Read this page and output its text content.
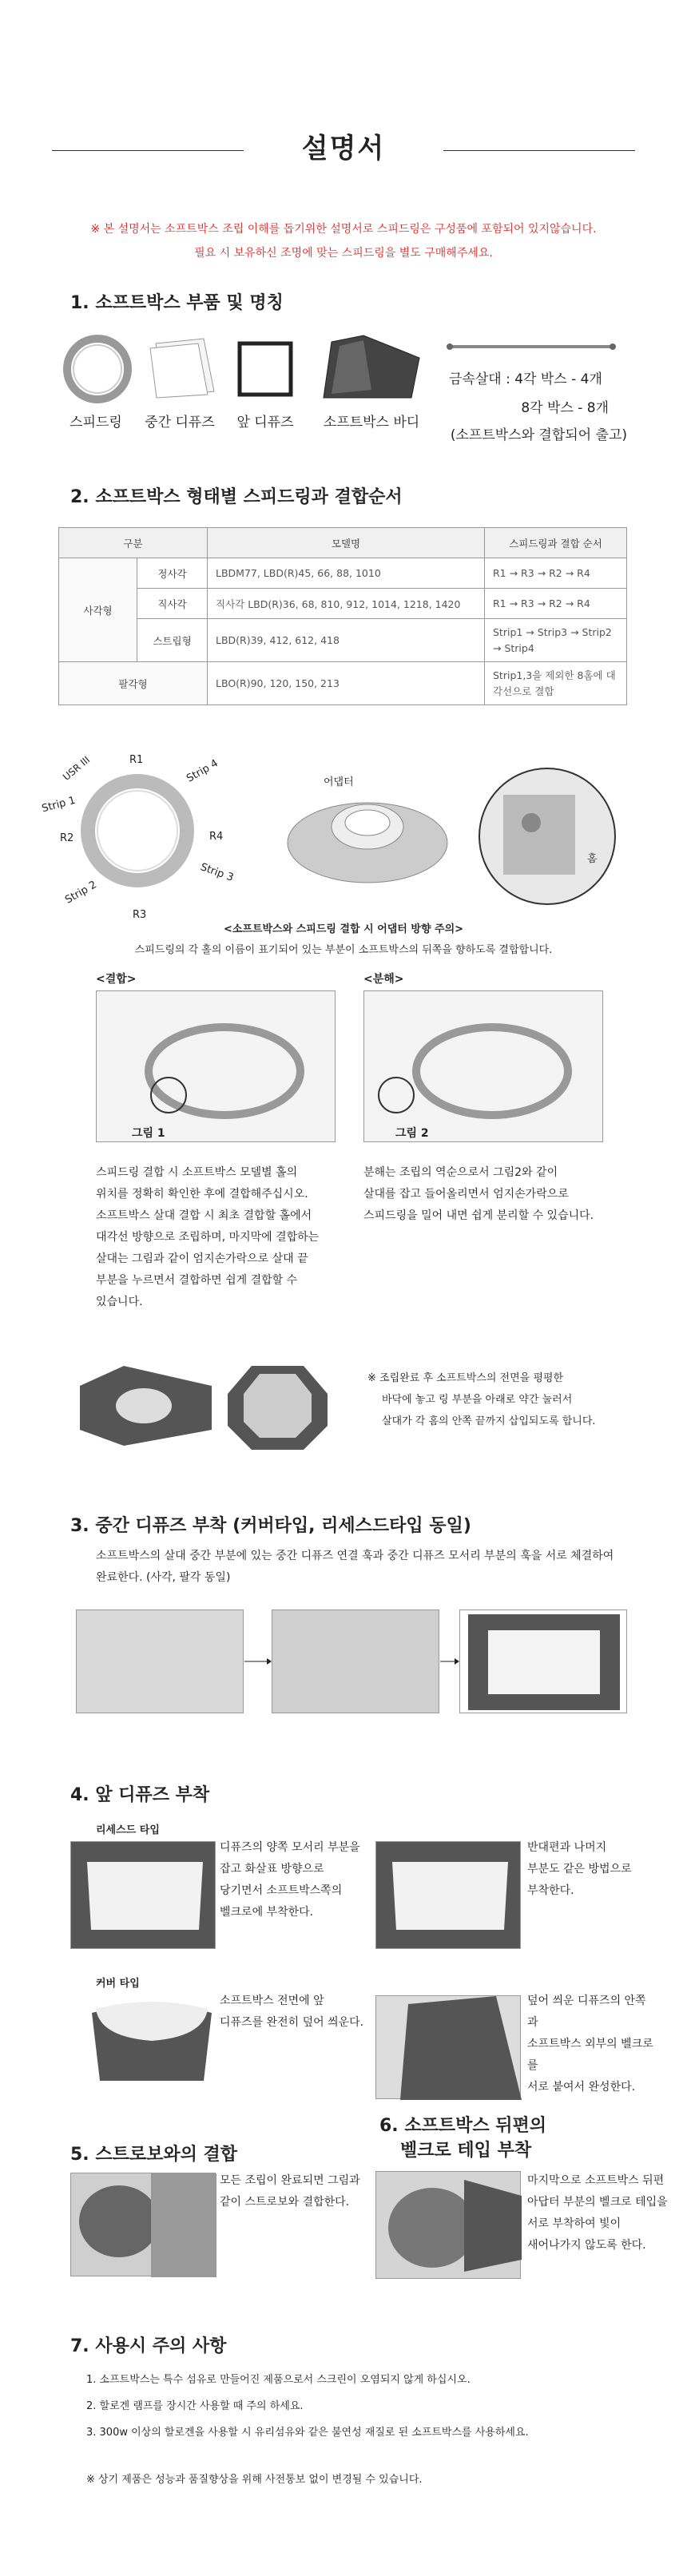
설명서
※ 본 설명서는 소프트박스 조립 이해를 돕기위한 설명서로 스피드링은 구성품에 포함되어 있지않습니다.
필요 시 보유하신 조명에 맞는 스피드링을 별도 구매해주세요.
1. 소프트박스 부품 및 명칭
스피드링	중간 디퓨즈	앞 디퓨즈	소프트박스 바디
금속살대 : 4각 박스 - 4개
8각 박스 - 8개
(소프트박스와 결합되어 출고)
2. 소프트박스 형태별 스피드링과 결합순서
구분		모델명	스피드링과 결합 순서
사각형	정사각	LBDM77, LBD(R)45, 66, 88, 1010	R1 → R3 → R2 → R4
	직사각	직사각 LBD(R)36, 68, 810, 912, 1014, 1218, 1420	R1 → R3 → R2 → R4
	스트립형	LBD(R)39, 412, 612, 418	Strip1 → Strip3 → Strip2 → Strip4
팔각형		LBO(R)90, 120, 150, 213	Strip1,3을 제외한 8홈에 대각선으로 결합
USR III	R1	Strip 4
Strip 1
R4
R2
Strip 3
Strip 2
R3
어댑터
홈
<소프트박스와 스피드링 결합 시 어댑터 방향 주의>
스피드링의 각 홀의 이름이 표기되어 있는 부분이 소프트박스의 뒤쪽을 향하도록 결합합니다.
<결합>	<분해>
그림 1	그림 2
스피드링 결합 시 소프트박스 모델별 홀의
위치를 정확히 확인한 후에 결합해주십시오.
소프트박스 살대 결합 시 최초 결합할 홀에서
대각선 방향으로 조립하며, 마지막에 결합하는
살대는 그림과 같이 엄지손가락으로 살대 끝
부분을 누르면서 결합하면 쉽게 결합할 수
있습니다.
분해는 조립의 역순으로서 그림2와 같이
살대를 잡고 들어올리면서 엄지손가락으로
스피드링을 밀어 내면 쉽게 분리할 수 있습니다.
※ 조립완료 후 소프트박스의 전면을 평평한
바닥에 놓고 링 부분을 아래로 약간 눌러서
살대가 각 홈의 안쪽 끝까지 삽입되도록 합니다.
3. 중간 디퓨즈 부착 (커버타입, 리세스드타입 동일)
소프트박스의 살대 중간 부분에 있는 중간 디퓨즈 연결 훅과 중간 디퓨즈 모서리 부분의 훅을 서로 체결하여
완료한다. (사각, 팔각 동일)
4. 앞 디퓨즈 부착
리세스드 타입
디퓨즈의 양쪽 모서리 부분을
잡고 화살표 방향으로
당기면서 소프트박스쪽의
벨크로에 부착한다.
반대편과 나머지
부분도 같은 방법으로
부착한다.
커버 타입
소프트박스 전면에 앞
디퓨즈를 완전히 덮어 씌운다.
덮어 씌운 디퓨즈의 안쪽과
소프트박스 외부의 벨크로를
서로 붙여서 완성한다.
5. 스트로보와의 결합
모든 조립이 완료되면 그림과
같이 스트로보와 결합한다.
6. 소프트박스 뒤편의
벨크로 테입 부착
마지막으로 소프트박스 뒤편
아답터 부분의 벨크로 테입을
서로 부착하여 빛이
새어나가지 않도록 한다.
7. 사용시 주의 사항
1. 소프트박스는 특수 섬유로 만들어진 제품으로서 스크린이 오염되지 않게 하십시오.
2. 할로겐 램프를 장시간 사용할 때 주의 하세요.
3. 300w 이상의 할로겐을 사용할 시 유리섬유와 같은 불연성 재질로 된 소프트박스를 사용하세요.
※ 상기 제품은 성능과 품질향상을 위해 사전통보 없이 변경될 수 있습니다.
